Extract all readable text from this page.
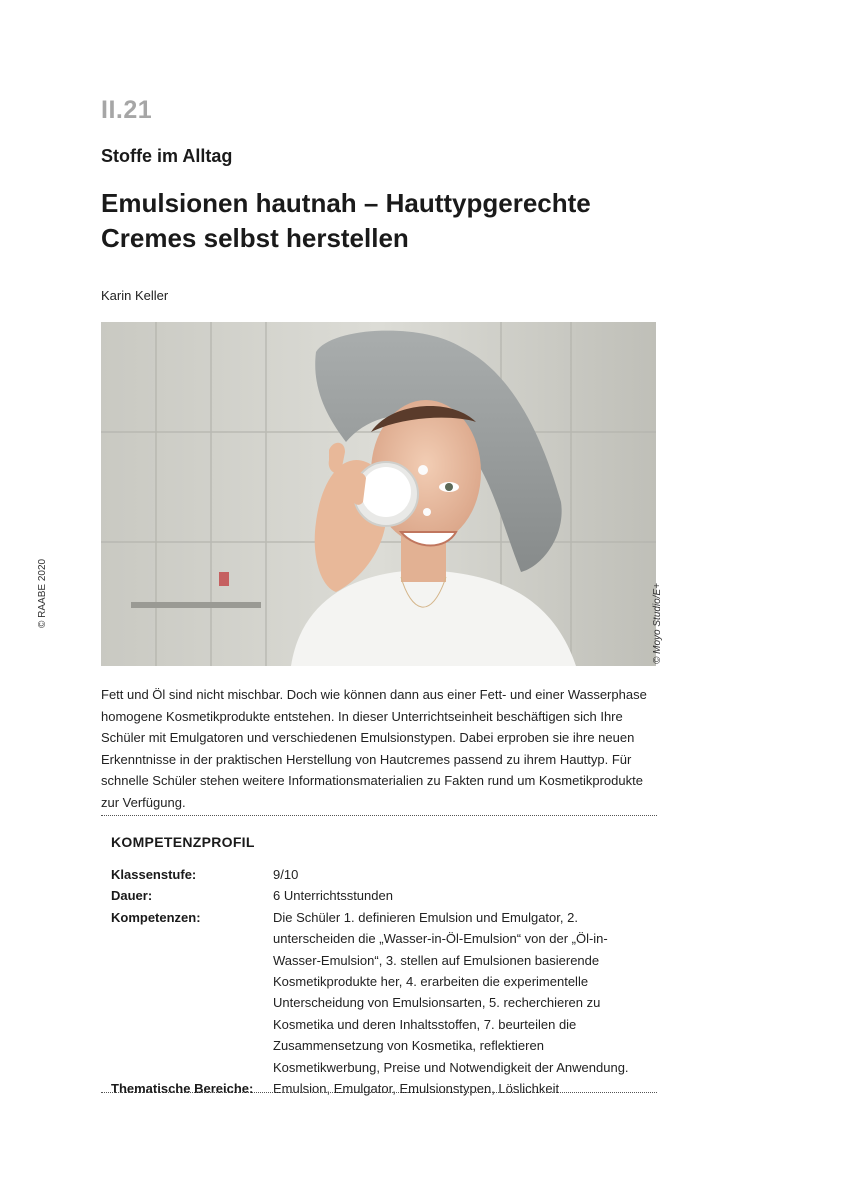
II.21
Stoffe im Alltag
Emulsionen hautnah – Hauttypgerechte
Cremes selbst herstellen
Karin Keller
© Moyo Studio/E+
© RAABE 2020
Fett und Öl sind nicht mischbar. Doch wie können dann aus einer Fett- und einer Wasserphase homogene Kosmetikprodukte entstehen. In dieser Unterrichtseinheit beschäftigen sich Ihre Schüler mit Emulgatoren und verschiedenen Emulsionstypen. Dabei erproben sie ihre neuen Erkenntnisse in der praktischen Herstellung von Hautcremes passend zu ihrem Hauttyp. Für schnelle Schüler stehen weitere Informationsmaterialien zu Fakten rund um Kosmetikprodukte zur Verfügung.
KOMPETENZPROFIL
Klassenstufe:	9/10
Dauer:	6 Unterrichtsstunden
Kompetenzen:	Die Schüler 1. definieren Emulsion und Emulgator, 2. unterscheiden die „Wasser-in-Öl-Emulsion“ von der „Öl-in-Wasser-Emulsion“, 3. stellen auf Emulsionen basierende Kosmetikprodukte her, 4. erarbeiten die experimentelle Unterscheidung von Emulsionsarten, 5. recherchieren zu Kosmetika und deren Inhaltsstoffen, 7. beurteilen die Zusammensetzung von Kosmetika, reflektieren Kosmetikwerbung, Preise und Notwendigkeit der Anwendung.
Thematische Bereiche:	Emulsion, Emulgator, Emulsionstypen, Löslichkeit
